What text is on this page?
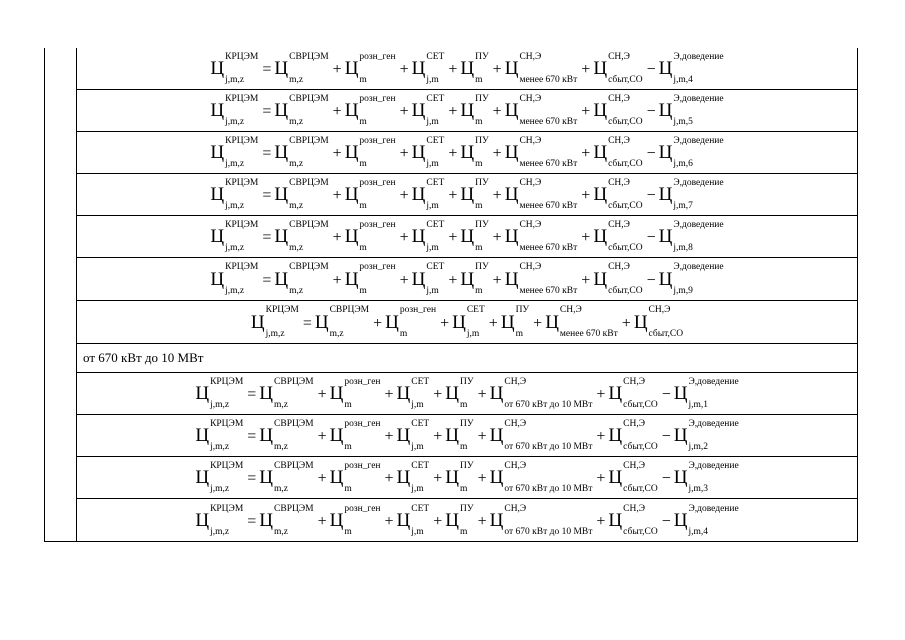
Ц
КРЦЭМ
j,m,z
= Ц
СВРЦЭМ
m,z
+ Ц
розн_ген
m
+ Ц
СЕТ
j,m
+ Ц
ПУ
m
+ Ц
СН,Э
менее 670 кВт
+ Ц
СН,Э
сбыт,СО
− Ц
Э,доведение
j,m,4
Ц
КРЦЭМ
j,m,z
= Ц
СВРЦЭМ
m,z
+ Ц
розн_ген
m
+ Ц
СЕТ
j,m
+ Ц
ПУ
m
+ Ц
СН,Э
менее 670 кВт
+ Ц
СН,Э
сбыт,СО
− Ц
Э,доведение
j,m,5
Ц
КРЦЭМ
j,m,z
= Ц
СВРЦЭМ
m,z
+ Ц
розн_ген
m
+ Ц
СЕТ
j,m
+ Ц
ПУ
m
+ Ц
СН,Э
менее 670 кВт
+ Ц
СН,Э
сбыт,СО
− Ц
Э,доведение
j,m,6
Ц
КРЦЭМ
j,m,z
= Ц
СВРЦЭМ
m,z
+ Ц
розн_ген
m
+ Ц
СЕТ
j,m
+ Ц
ПУ
m
+ Ц
СН,Э
менее 670 кВт
+ Ц
СН,Э
сбыт,СО
− Ц
Э,доведение
j,m,7
Ц
КРЦЭМ
j,m,z
= Ц
СВРЦЭМ
m,z
+ Ц
розн_ген
m
+ Ц
СЕТ
j,m
+ Ц
ПУ
m
+ Ц
СН,Э
менее 670 кВт
+ Ц
СН,Э
сбыт,СО
− Ц
Э,доведение
j,m,8
Ц
КРЦЭМ
j,m,z
= Ц
СВРЦЭМ
m,z
+ Ц
розн_ген
m
+ Ц
СЕТ
j,m
+ Ц
ПУ
m
+ Ц
СН,Э
менее 670 кВт
+ Ц
СН,Э
сбыт,СО
− Ц
Э,доведение
j,m,9
Ц
КРЦЭМ
j,m,z
= Ц
СВРЦЭМ
m,z
+ Ц
розн_ген
m
+ Ц
СЕТ
j,m
+ Ц
ПУ
m
+ Ц
СН,Э
менее 670 кВт
+ Ц
СН,Э
сбыт,СО
от 670 кВт до 10 МВт
Ц
КРЦЭМ
j,m,z
= Ц
СВРЦЭМ
m,z
+ Ц
розн_ген
m
+ Ц
СЕТ
j,m
+ Ц
ПУ
m
+ Ц
СН,Э
от 670 кВт до 10 МВт
+ Ц
СН,Э
сбыт,СО
− Ц
Э,доведение
j,m,1
Ц
КРЦЭМ
j,m,z
= Ц
СВРЦЭМ
m,z
+ Ц
розн_ген
m
+ Ц
СЕТ
j,m
+ Ц
ПУ
m
+ Ц
СН,Э
от 670 кВт до 10 МВт
+ Ц
СН,Э
сбыт,СО
− Ц
Э,доведение
j,m,2
Ц
КРЦЭМ
j,m,z
= Ц
СВРЦЭМ
m,z
+ Ц
розн_ген
m
+ Ц
СЕТ
j,m
+ Ц
ПУ
m
+ Ц
СН,Э
от 670 кВт до 10 МВт
+ Ц
СН,Э
сбыт,СО
− Ц
Э,доведение
j,m,3
Ц
КРЦЭМ
j,m,z
= Ц
СВРЦЭМ
m,z
+ Ц
розн_ген
m
+ Ц
СЕТ
j,m
+ Ц
ПУ
m
+ Ц
СН,Э
от 670 кВт до 10 МВт
+ Ц
СН,Э
сбыт,СО
− Ц
Э,доведение
j,m,4
